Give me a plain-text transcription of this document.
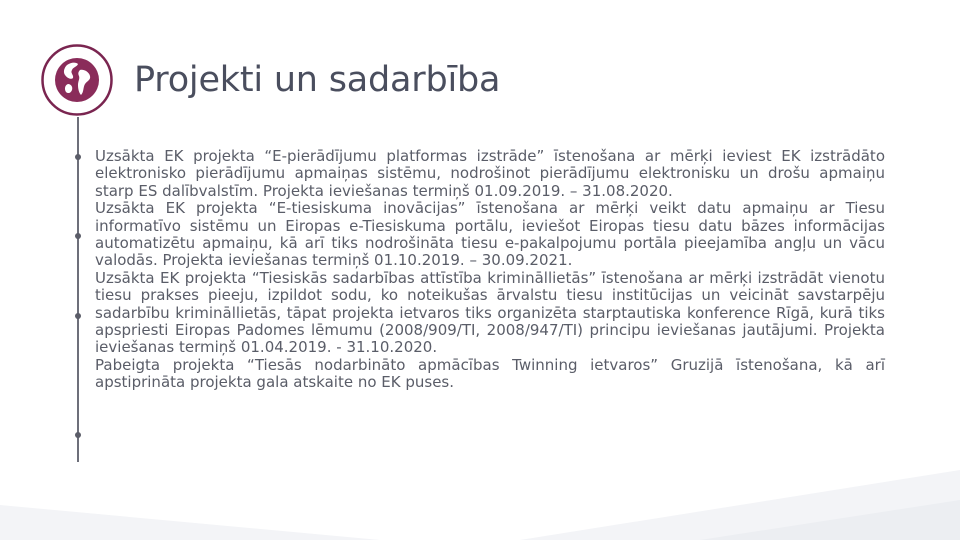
Projekti un sadarbība

Uzsākta EK projekta “E-pierādījumu platformas izstrāde” īstenošana ar mērķi ieviest EK izstrādāto elektronisko pierādījumu apmaiņas sistēmu, nodrošinot pierādījumu elektronisku un drošu apmaiņu starp ES dalībvalstīm. Projekta ieviešanas termiņš 01.09.2019. – 31.08.2020.

Uzsākta EK projekta “E-tiesiskuma inovācijas” īstenošana ar mērķi veikt datu apmaiņu ar Tiesu informatīvo sistēmu un Eiropas e-Tiesiskuma portālu, ieviešot Eiropas tiesu datu bāzes informācijas automatizētu apmaiņu, kā arī tiks nodrošināta tiesu e-pakalpojumu portāla pieejamība angļu un vācu valodās. Projekta ieviešanas termiņš 01.10.2019. – 30.09.2021.

Uzsākta EK projekta “Tiesiskās sadarbības attīstība krimināllietās” īstenošana ar mērķi izstrādāt vienotu tiesu prakses pieeju, izpildot sodu, ko noteikušas ārvalstu tiesu institūcijas un veicināt savstarpēju sadarbību krimināllietās, tāpat projekta ietvaros tiks organizēta starptautiska konference Rīgā, kurā tiks apspriesti Eiropas Padomes lēmumu (2008/909/TI, 2008/947/TI) principu ieviešanas jautājumi. Projekta ieviešanas termiņš 01.04.2019. - 31.10.2020.

Pabeigta projekta “Tiesās nodarbināto apmācības Twinning ietvaros” Gruzijā īstenošana, kā arī apstiprināta projekta gala atskaite no EK puses.
